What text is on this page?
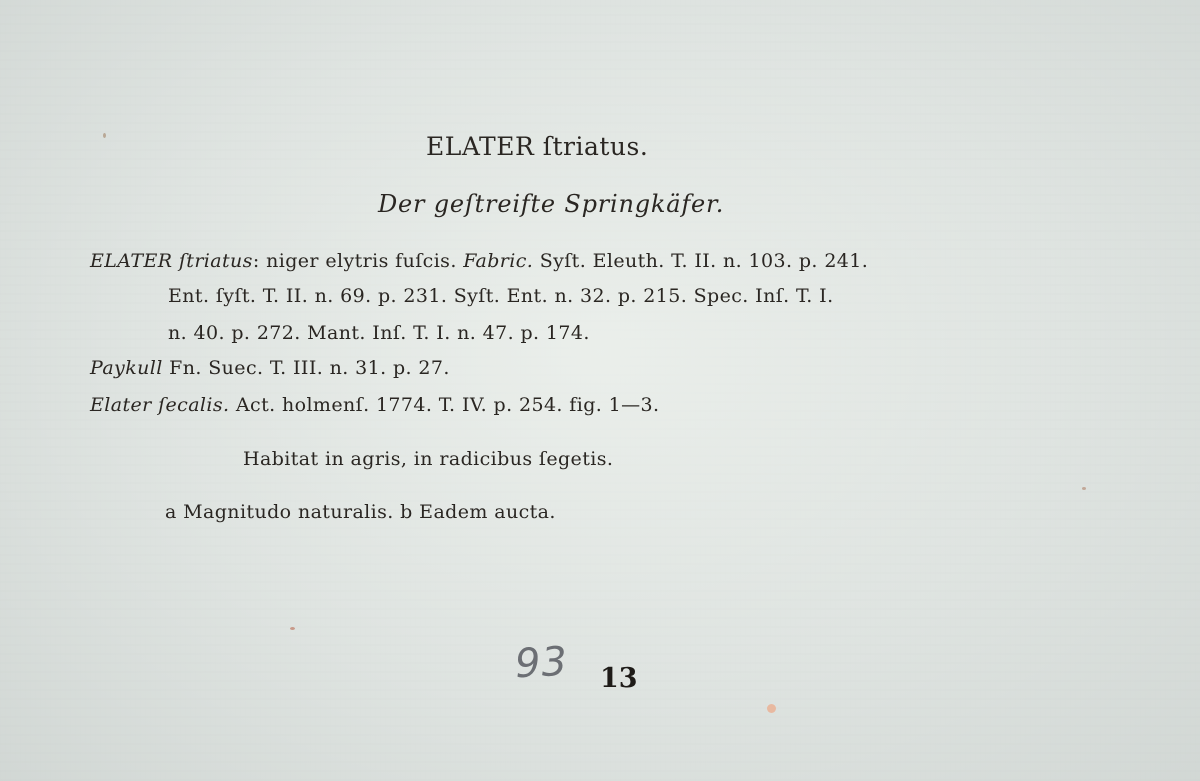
ELATER ſtriatus.
Der geſtreifte Springkäfer.

ELATER ſtriatus: niger elytris fuſcis. Fabric. Syſt. Eleuth. T. II. n. 103. p. 241.

Ent. ſyſt. T. II. n. 69. p. 231. Syſt. Ent. n. 32. p. 215. Spec. Inſ. T. I.

n. 40. p. 272. Mant. Inſ. T. I. n. 47. p. 174.

Paykull Fn. Suec. T. III. n. 31. p. 27.

Elater ſecalis. Act. holmenſ. 1774. T. IV. p. 254. fig. 1—3.

Habitat in agris, in radicibus ſegetis.

a Magnitudo naturalis. b Eadem aucta.

93 13
